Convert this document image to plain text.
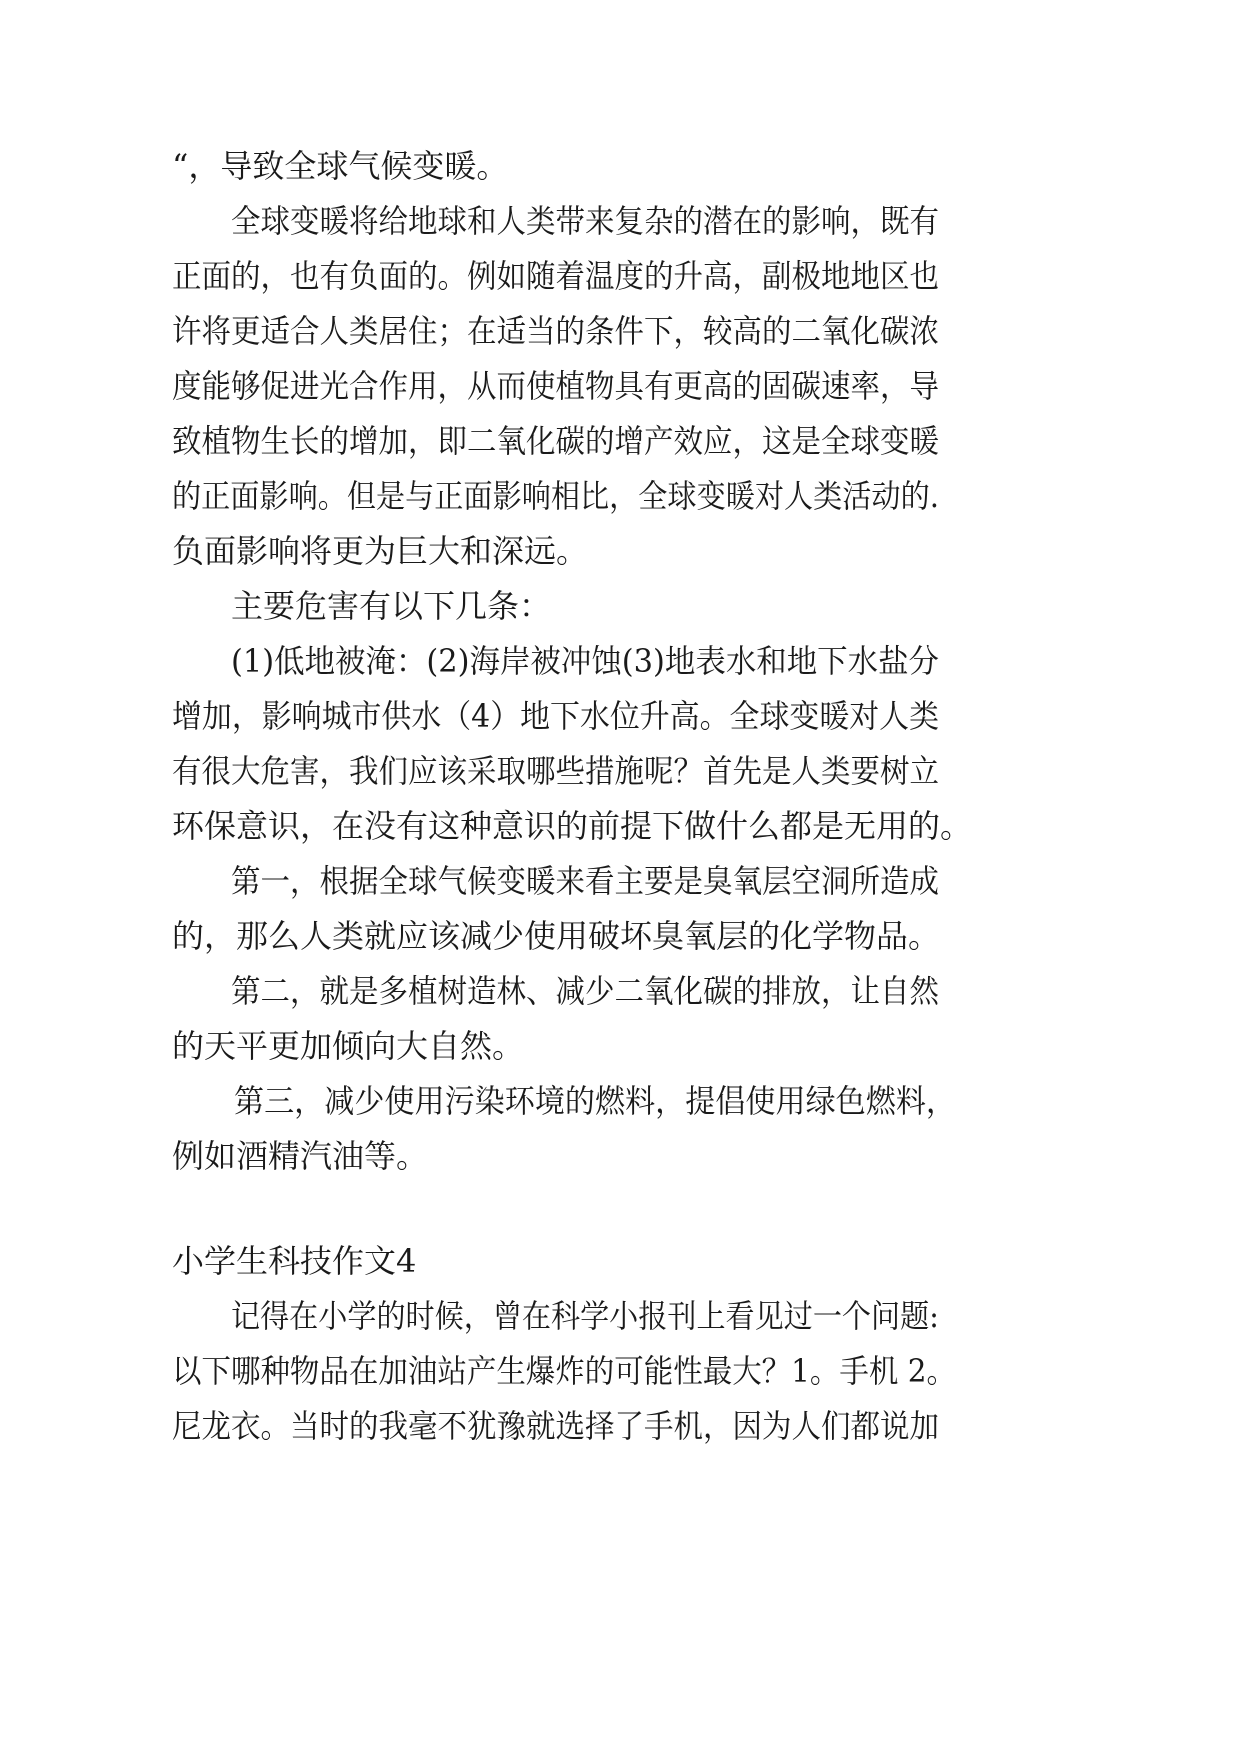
“，导致全球气候变暖。

全球变暖将给地球和人类带来复杂的潜在的影响，既有

正面的，也有负面的。例如随着温度的升高，副极地地区也

许将更适合人类居住；在适当的条件下，较高的二氧化碳浓

度能够促进光合作用，从而使植物具有更高的固碳速率，导

致植物生长的增加，即二氧化碳的增产效应，这是全球变暖

的正面影响。但是与正面影响相比，全球变暖对人类活动的.

负面影响将更为巨大和深远。

主要危害有以下几条：

(1)低地被淹：(2)海岸被冲蚀(3)地表水和地下水盐分

增加，影响城市供水（4）地下水位升高。全球变暖对人类

有很大危害，我们应该采取哪些措施呢？首先是人类要树立

环保意识，在没有这种意识的前提下做什么都是无用的。

第一，根据全球气候变暖来看主要是臭氧层空洞所造成

的，那么人类就应该减少使用破坏臭氧层的化学物品。

第二，就是多植树造林、减少二氧化碳的排放，让自然

的天平更加倾向大自然。

第三，减少使用污染环境的燃料，提倡使用绿色燃料，

例如酒精汽油等。

小学生科技作文4

记得在小学的时候，曾在科学小报刊上看见过一个问题:

以下哪种物品在加油站产生爆炸的可能性最大？1。手机 2。

尼龙衣。当时的我毫不犹豫就选择了手机，因为人们都说加
